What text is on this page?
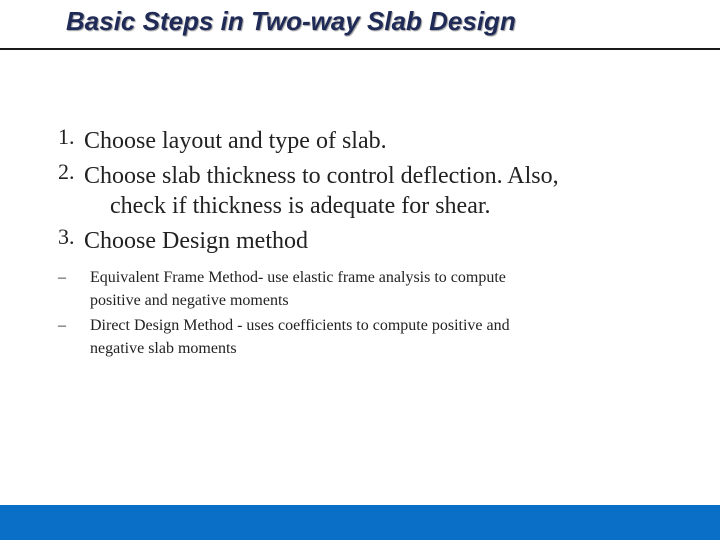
Basic Steps in Two-way Slab Design
1. Choose layout and type of slab.
2. Choose slab thickness to control deflection. Also,
check if thickness is adequate for shear.
3. Choose Design method
– Equivalent Frame Method- use elastic frame analysis to compute
positive and negative moments
– Direct Design Method - uses coefficients to compute positive and
negative slab moments
